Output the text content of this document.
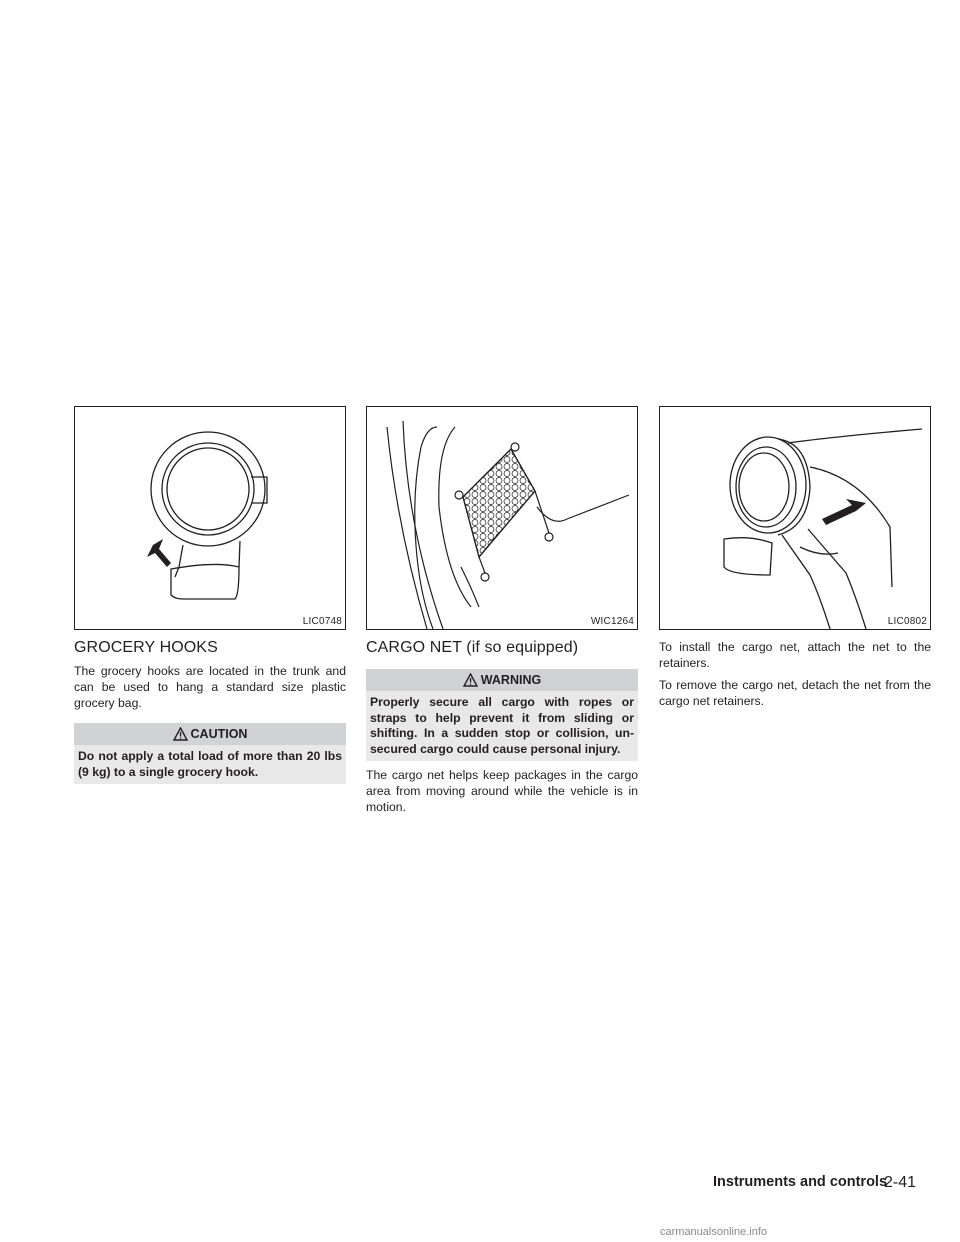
LIC0748
GROCERY HOOKS

The grocery hooks are located in the trunk and can be used to hang a standard size plastic grocery bag.

CAUTION
Do not apply a total load of more than 20 lbs (9 kg) to a single grocery hook.
WIC1264
CARGO NET (if so equipped)
WARNING
Properly secure all cargo with ropes or straps to help prevent it from sliding or shifting. In a sudden stop or collision, un-secured cargo could cause personal injury.

The cargo net helps keep packages in the cargo area from moving around while the vehicle is in motion.

LIC0802

To install the cargo net, attach the net to the retainers.

To remove the cargo net, detach the net from the cargo net retainers.

Instruments and controls
2-41
carmanualsonline.info
